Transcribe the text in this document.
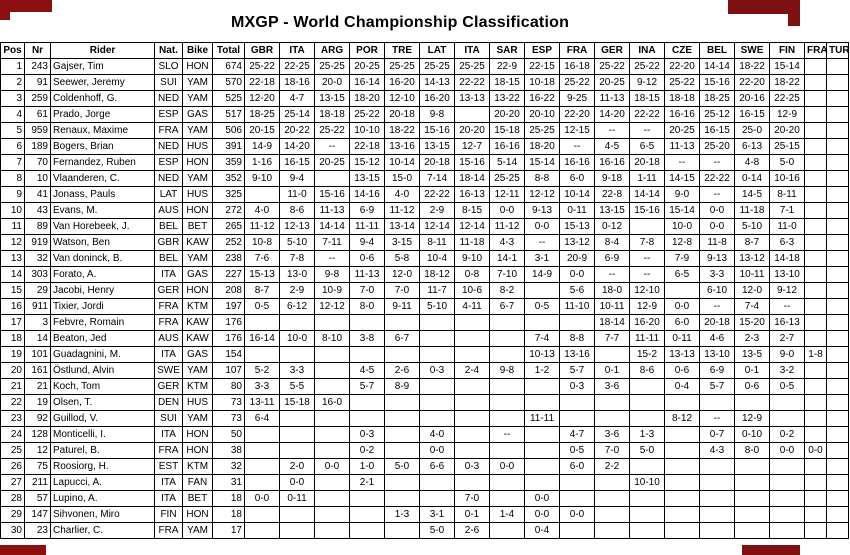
MXGP - World Championship Classification
Pos	Nr	Rider	Nat.	Bike	Total	GBR	ITA	ARG	POR	TRE	LAT	ITA	SAR	ESP	FRA	GER	INA	CZE	BEL	SWE	FIN	FRA	TUR
1	243	Gajser, Tim	SLO	HON	674	25-22	22-25	25-25	20-25	25-25	25-25	25-25	22-9	22-15	16-18	25-22	25-22	22-20	14-14	18-22	15-14		
2	91	Seewer, Jeremy	SUI	YAM	570	22-18	18-16	20-0	16-14	16-20	14-13	22-22	18-15	10-18	25-22	20-25	9-12	25-22	15-16	22-20	18-22		
3	259	Coldenhoff, G.	NED	YAM	525	12-20	4-7	13-15	18-20	12-10	16-20	13-13	13-22	16-22	9-25	11-13	18-15	18-18	18-25	20-16	22-25		
4	61	Prado, Jorge	ESP	GAS	517	18-25	25-14	18-18	25-22	20-18	9-8		20-20	20-10	22-20	14-20	22-22	16-16	25-12	16-15	12-9		
5	959	Renaux, Maxime	FRA	YAM	506	20-15	20-22	25-22	10-10	18-22	15-16	20-20	15-18	25-25	12-15	--	--	20-25	16-15	25-0	20-20		
6	189	Bogers, Brian	NED	HUS	391	14-9	14-20	--	22-18	13-16	13-15	12-7	16-16	18-20	--	4-5	6-5	11-13	25-20	6-13	25-15		
7	70	Fernandez, Ruben	ESP	HON	359	1-16	16-15	20-25	15-12	10-14	20-18	15-16	5-14	15-14	16-16	16-16	20-18	--	--	4-8	5-0		
8	10	Vlaanderen, C.	NED	YAM	352	9-10	9-4		13-15	15-0	7-14	18-14	25-25	8-8	6-0	9-18	1-11	14-15	22-22	0-14	10-16		
9	41	Jonass, Pauls	LAT	HUS	325		11-0	15-16	14-16	4-0	22-22	16-13	12-11	12-12	10-14	22-8	14-14	9-0	--	14-5	8-11		
10	43	Evans, M.	AUS	HON	272	4-0	8-6	11-13	6-9	11-12	2-9	8-15	0-0	9-13	0-11	13-15	15-16	15-14	0-0	11-18	7-1		
11	89	Van Horebeek, J.	BEL	BET	265	11-12	12-13	14-14	11-11	13-14	12-14	12-14	11-12	0-0	15-13	0-12		10-0	0-0	5-10	11-0		
12	919	Watson, Ben	GBR	KAW	252	10-8	5-10	7-11	9-4	3-15	8-11	11-18	4-3	--	13-12	8-4	7-8	12-8	11-8	8-7	6-3		
13	32	Van doninck, B.	BEL	YAM	238	7-6	7-8	--	0-6	5-8	10-4	9-10	14-1	3-1	20-9	6-9	--	7-9	9-13	13-12	14-18		
14	303	Forato, A.	ITA	GAS	227	15-13	13-0	9-8	11-13	12-0	18-12	0-8	7-10	14-9	0-0	--	--	6-5	3-3	10-11	13-10		
15	29	Jacobi, Henry	GER	HON	208	8-7	2-9	10-9	7-0	7-0	11-7	10-6	8-2		5-6	18-0	12-10		6-10	12-0	9-12		
16	911	Tixier, Jordi	FRA	KTM	197	0-5	6-12	12-12	8-0	9-11	5-10	4-11	6-7	0-5	11-10	10-11	12-9	0-0	--	7-4	--		
17	3	Febvre, Romain	FRA	KAW	176											18-14	16-20	6-0	20-18	15-20	16-13		
18	14	Beaton, Jed	AUS	KAW	176	16-14	10-0	8-10	3-8	6-7				7-4	8-8	7-7	11-11	0-11	4-6	2-3	2-7		
19	101	Guadagnini, M.	ITA	GAS	154									10-13	13-16		15-2	13-13	13-10	13-5	9-0	1-8	
20	161	Östlund, Alvin	SWE	YAM	107	5-2	3-3		4-5	2-6	0-3	2-4	9-8	1-2	5-7	0-1	8-6	0-6	6-9	0-1	3-2		
21	21	Koch, Tom	GER	KTM	80	3-3	5-5		5-7	8-9					0-3	3-6		0-4	5-7	0-6	0-5		
22	19	Olsen, T.	DEN	HUS	73	13-11	15-18	16-0															
23	92	Guillod, V.	SUI	YAM	73	6-4								11-11				8-12	--	12-9			
24	128	Monticelli, I.	ITA	HON	50				0-3		4-0		--		4-7	3-6	1-3		0-7	0-10	0-2		
25	12	Paturel, B.	FRA	HON	38				0-2		0-0				0-5	7-0	5-0		4-3	8-0	0-0	0-0	
26	75	Roosiorg, H.	EST	KTM	32		2-0	0-0	1-0	5-0	6-6	0-3	0-0		6-0	2-2							
27	211	Lapucci, A.	ITA	FAN	31		0-0		2-1								10-10						
28	57	Lupino, A.	ITA	BET	18	0-0	0-11					7-0		0-0									
29	147	Sihvonen, Miro	FIN	HON	18					1-3	3-1	0-1	1-4	0-0	0-0								
30	23	Charlier, C.	FRA	YAM	17						5-0	2-6		0-4									
